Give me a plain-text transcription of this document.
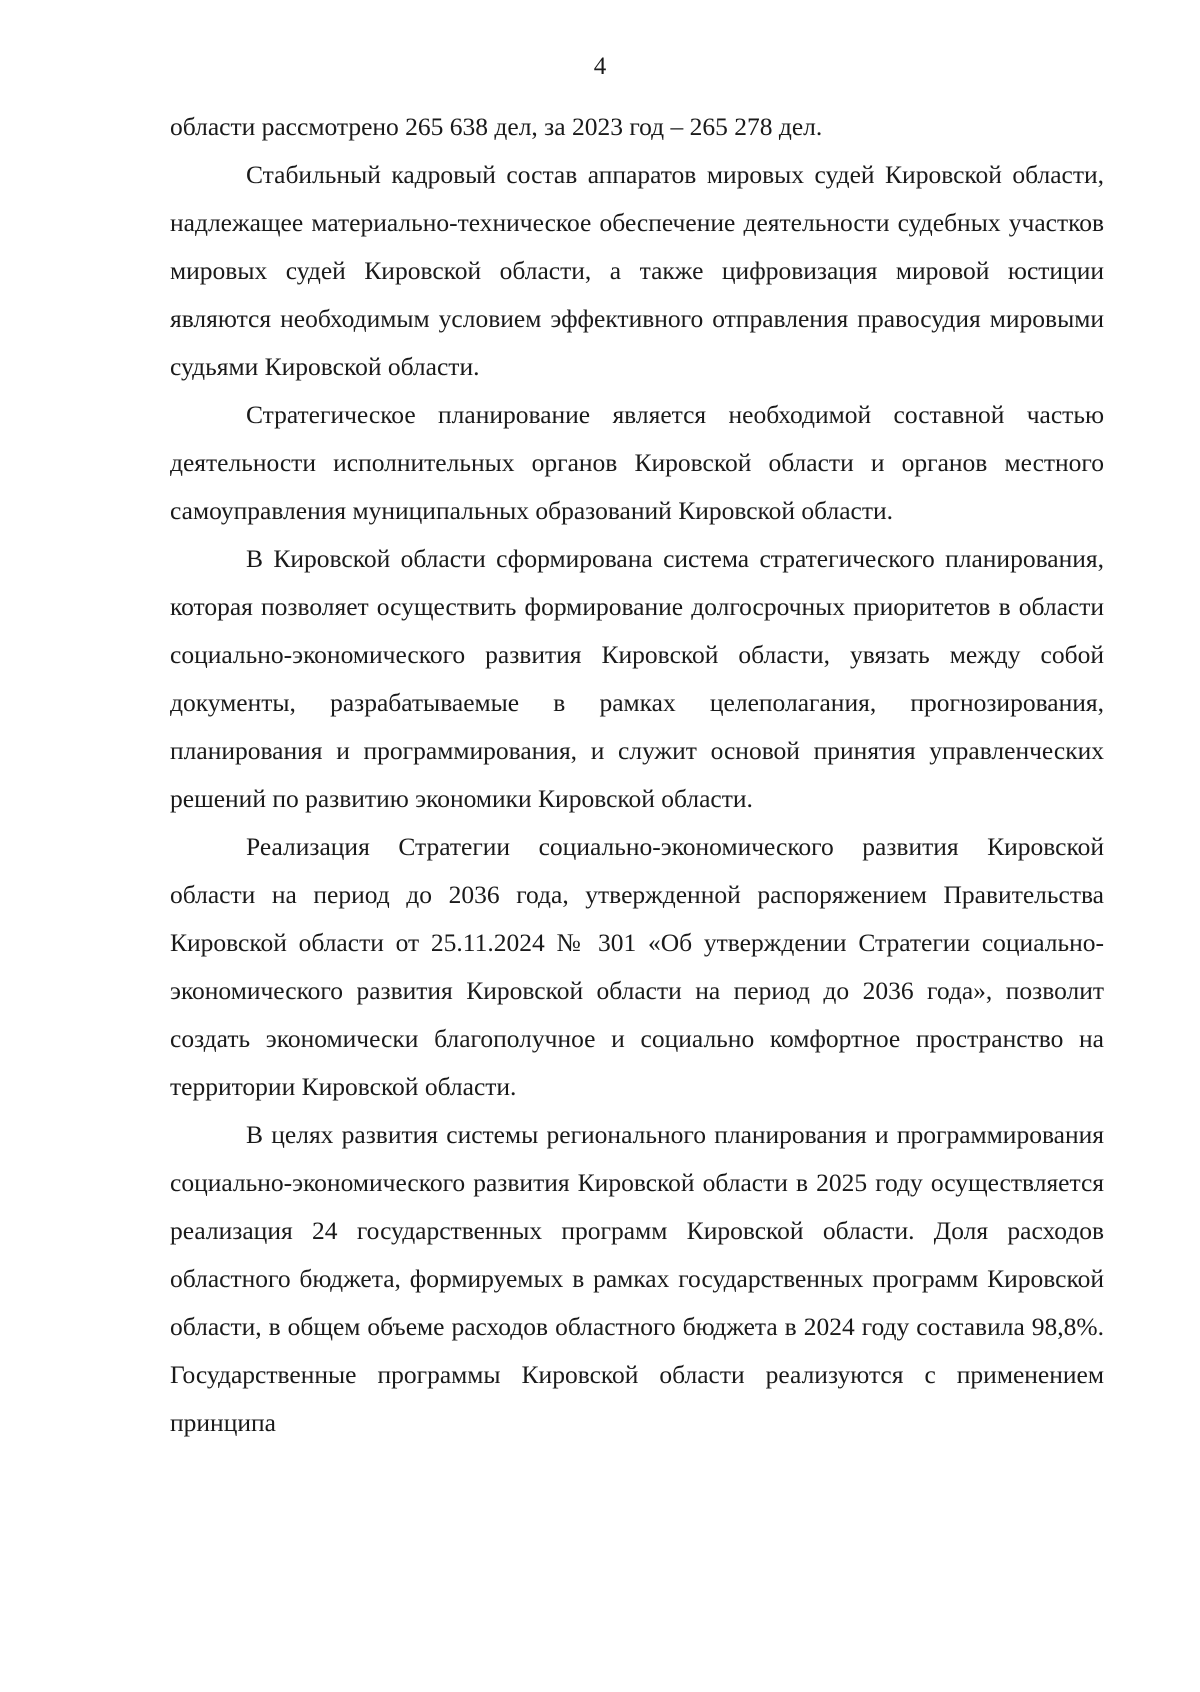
4

области рассмотрено 265 638 дел, за 2023 год – 265 278 дел.

Стабильный кадровый состав аппаратов мировых судей Кировской области, надлежащее материально-техническое обеспечение деятельности судебных участков мировых судей Кировской области, а также цифровизация мировой юстиции являются необходимым условием эффективного отправления правосудия мировыми судьями Кировской области.

Стратегическое планирование является необходимой составной частью деятельности исполнительных органов Кировской области и органов местного самоуправления муниципальных образований Кировской области.

В Кировской области сформирована система стратегического планирования, которая позволяет осуществить формирование долгосрочных приоритетов в области социально-экономического развития Кировской области, увязать между собой документы, разрабатываемые в рамках целеполагания, прогнозирования, планирования и программирования, и служит основой принятия управленческих решений по развитию экономики Кировской области.

Реализация Стратегии социально-экономического развития Кировской области на период до 2036 года, утвержденной распоряжением Правительства Кировской области от 25.11.2024 № 301 «Об утверждении Стратегии социально-экономического развития Кировской области на период до 2036 года», позволит создать экономически благополучное и социально комфортное пространство на территории Кировской области.

В целях развития системы регионального планирования и программирования социально-экономического развития Кировской области в 2025 году осуществляется реализация 24 государственных программ Кировской области. Доля расходов областного бюджета, формируемых в рамках государственных программ Кировской области, в общем объеме расходов областного бюджета в 2024 году составила 98,8%. Государственные программы Кировской области реализуются с применением принципа
